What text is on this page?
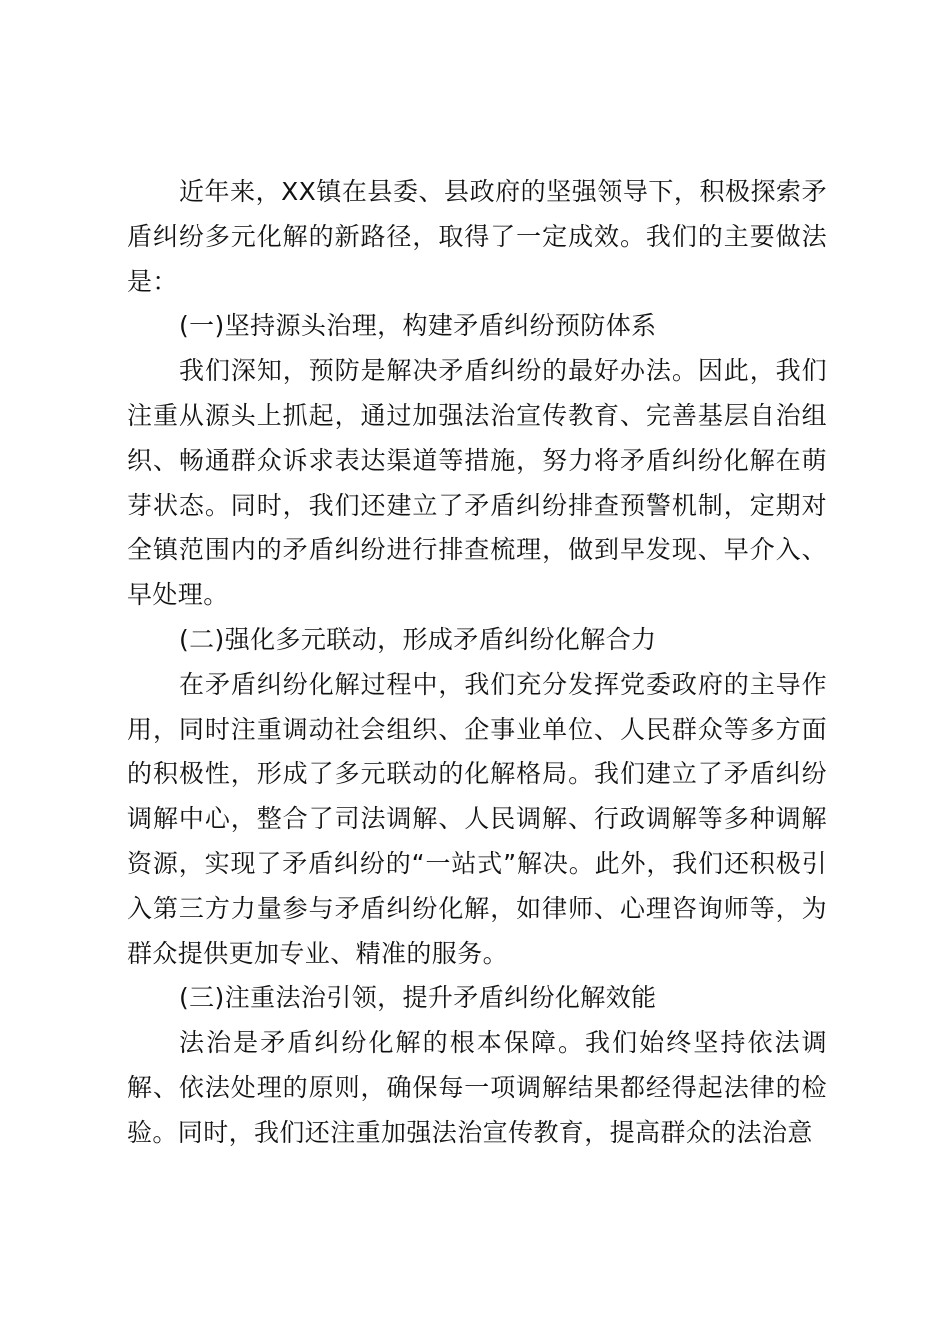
近年来，XX镇在县委、县政府的坚强领导下，积极探索矛盾纠纷多元化解的新路径，取得了一定成效。我们的主要做法是：

(一)坚持源头治理，构建矛盾纠纷预防体系

我们深知，预防是解决矛盾纠纷的最好办法。因此，我们注重从源头上抓起，通过加强法治宣传教育、完善基层自治组织、畅通群众诉求表达渠道等措施，努力将矛盾纠纷化解在萌芽状态。同时，我们还建立了矛盾纠纷排查预警机制，定期对全镇范围内的矛盾纠纷进行排查梳理，做到早发现、早介入、早处理。

(二)强化多元联动，形成矛盾纠纷化解合力

在矛盾纠纷化解过程中，我们充分发挥党委政府的主导作用，同时注重调动社会组织、企事业单位、人民群众等多方面的积极性，形成了多元联动的化解格局。我们建立了矛盾纠纷调解中心，整合了司法调解、人民调解、行政调解等多种调解资源，实现了矛盾纠纷的“一站式”解决。此外，我们还积极引入第三方力量参与矛盾纠纷化解，如律师、心理咨询师等，为群众提供更加专业、精准的服务。

(三)注重法治引领，提升矛盾纠纷化解效能

法治是矛盾纠纷化解的根本保障。我们始终坚持依法调解、依法处理的原则，确保每一项调解结果都经得起法律的检验。同时，我们还注重加强法治宣传教育，提高群众的法治意
